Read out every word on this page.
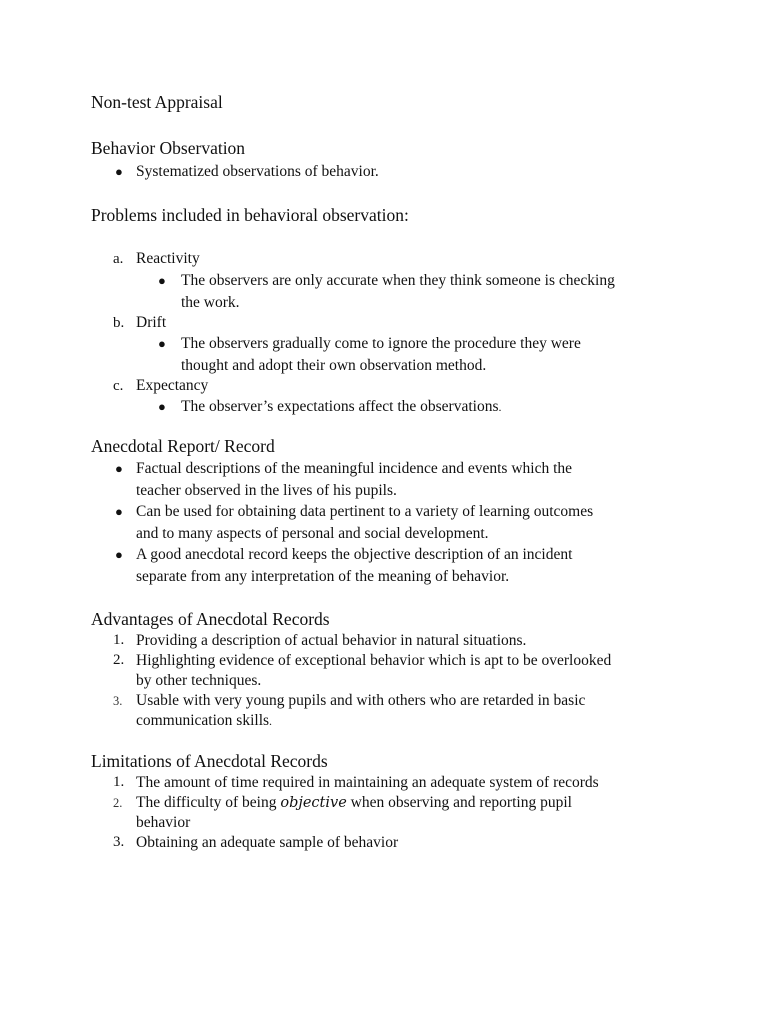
Non-test Appraisal
Behavior Observation
● Systematized observations of behavior.
Problems included in behavioral observation:
a. Reactivity
● The observers are only accurate when they think someone is checking
the work.
b. Drift
● The observers gradually come to ignore the procedure they were
thought and adopt their own observation method.
c. Expectancy
● The observer’s expectations affect the observations.
Anecdotal Report/ Record
● Factual descriptions of the meaningful incidence and events which the
teacher observed in the lives of his pupils.
● Can be used for obtaining data pertinent to a variety of learning outcomes
and to many aspects of personal and social development.
● A good anecdotal record keeps the objective description of an incident
separate from any interpretation of the meaning of behavior.
Advantages of Anecdotal Records
1. Providing a description of actual behavior in natural situations.
2. Highlighting evidence of exceptional behavior which is apt to be overlooked
by other techniques.
3. Usable with very young pupils and with others who are retarded in basic
communication skills.
Limitations of Anecdotal Records
1. The amount of time required in maintaining an adequate system of records
2. The difficulty of being objective when observing and reporting pupil
behavior
3. Obtaining an adequate sample of behavior
